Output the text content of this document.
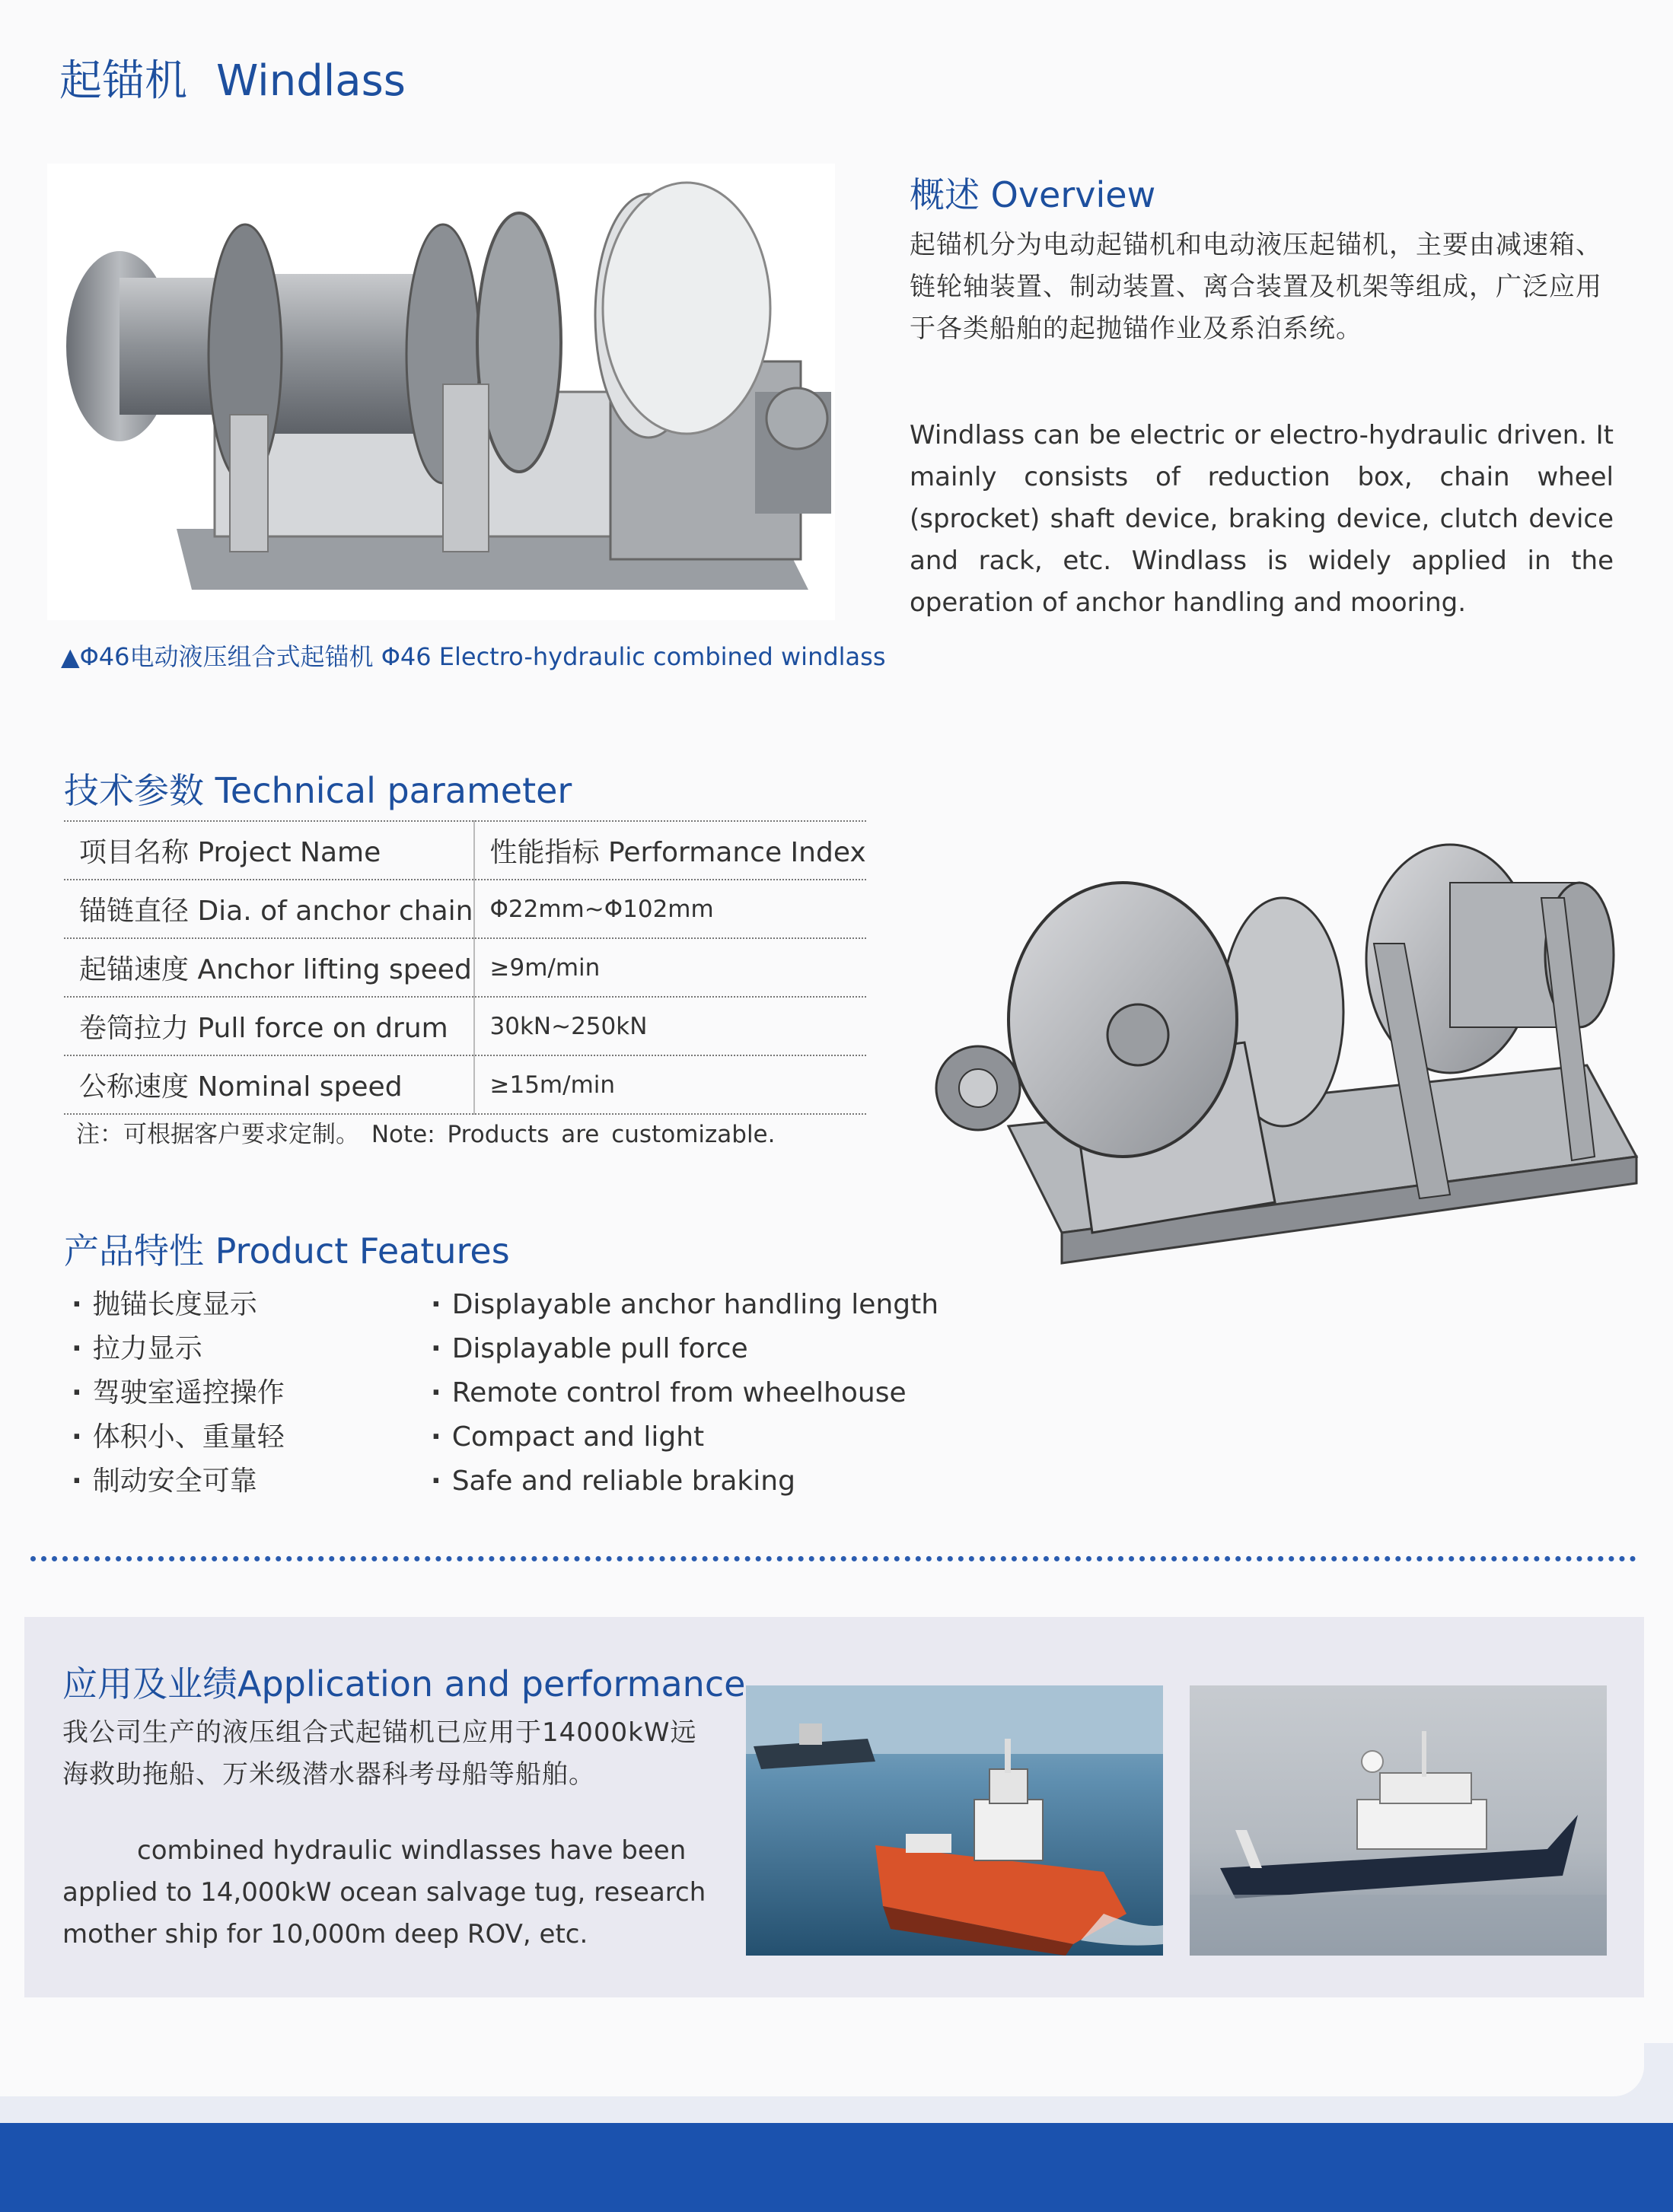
起锚机 Windlass
▲Φ46电动液压组合式起锚机 Φ46 Electro-hydraulic combined windlass
概述 Overview
起锚机分为电动起锚机和电动液压起锚机，主要由减速箱、链轮轴装置、制动装置、离合装置及机架等组成，广泛应用于各类船舶的起抛锚作业及系泊系统。
Windlass can be electric or electro-hydraulic driven. It mainly consists of reduction box, chain wheel (sprocket) shaft device, braking device, clutch device and rack, etc. Windlass is widely applied in the operation of anchor handling and mooring.
技术参数 Technical parameter
项目名称 Project Name	性能指标 Performance Index
锚链直径 Dia. of anchor chain	Φ22mm~Φ102mm
起锚速度 Anchor lifting speed	≥9m/min
卷筒拉力 Pull force on drum	30kN~250kN
公称速度 Nominal speed	≥15m/min
注：可根据客户要求定制。 Note: Products are customizable.
产品特性 Product Features
· 抛锚长度显示
· 拉力显示
· 驾驶室遥控操作
· 体积小、重量轻
· 制动安全可靠
· Displayable anchor handling length
· Displayable pull force
· Remote control from wheelhouse
· Compact and light
· Safe and reliable braking
应用及业绩Application and performance
我公司生产的液压组合式起锚机已应用于14000kW远海救助拖船、万米级潜水器科考母船等船舶。
combined hydraulic windlasses have been applied to 14,000kW ocean salvage tug, research mother ship for 10,000m deep ROV, etc.
